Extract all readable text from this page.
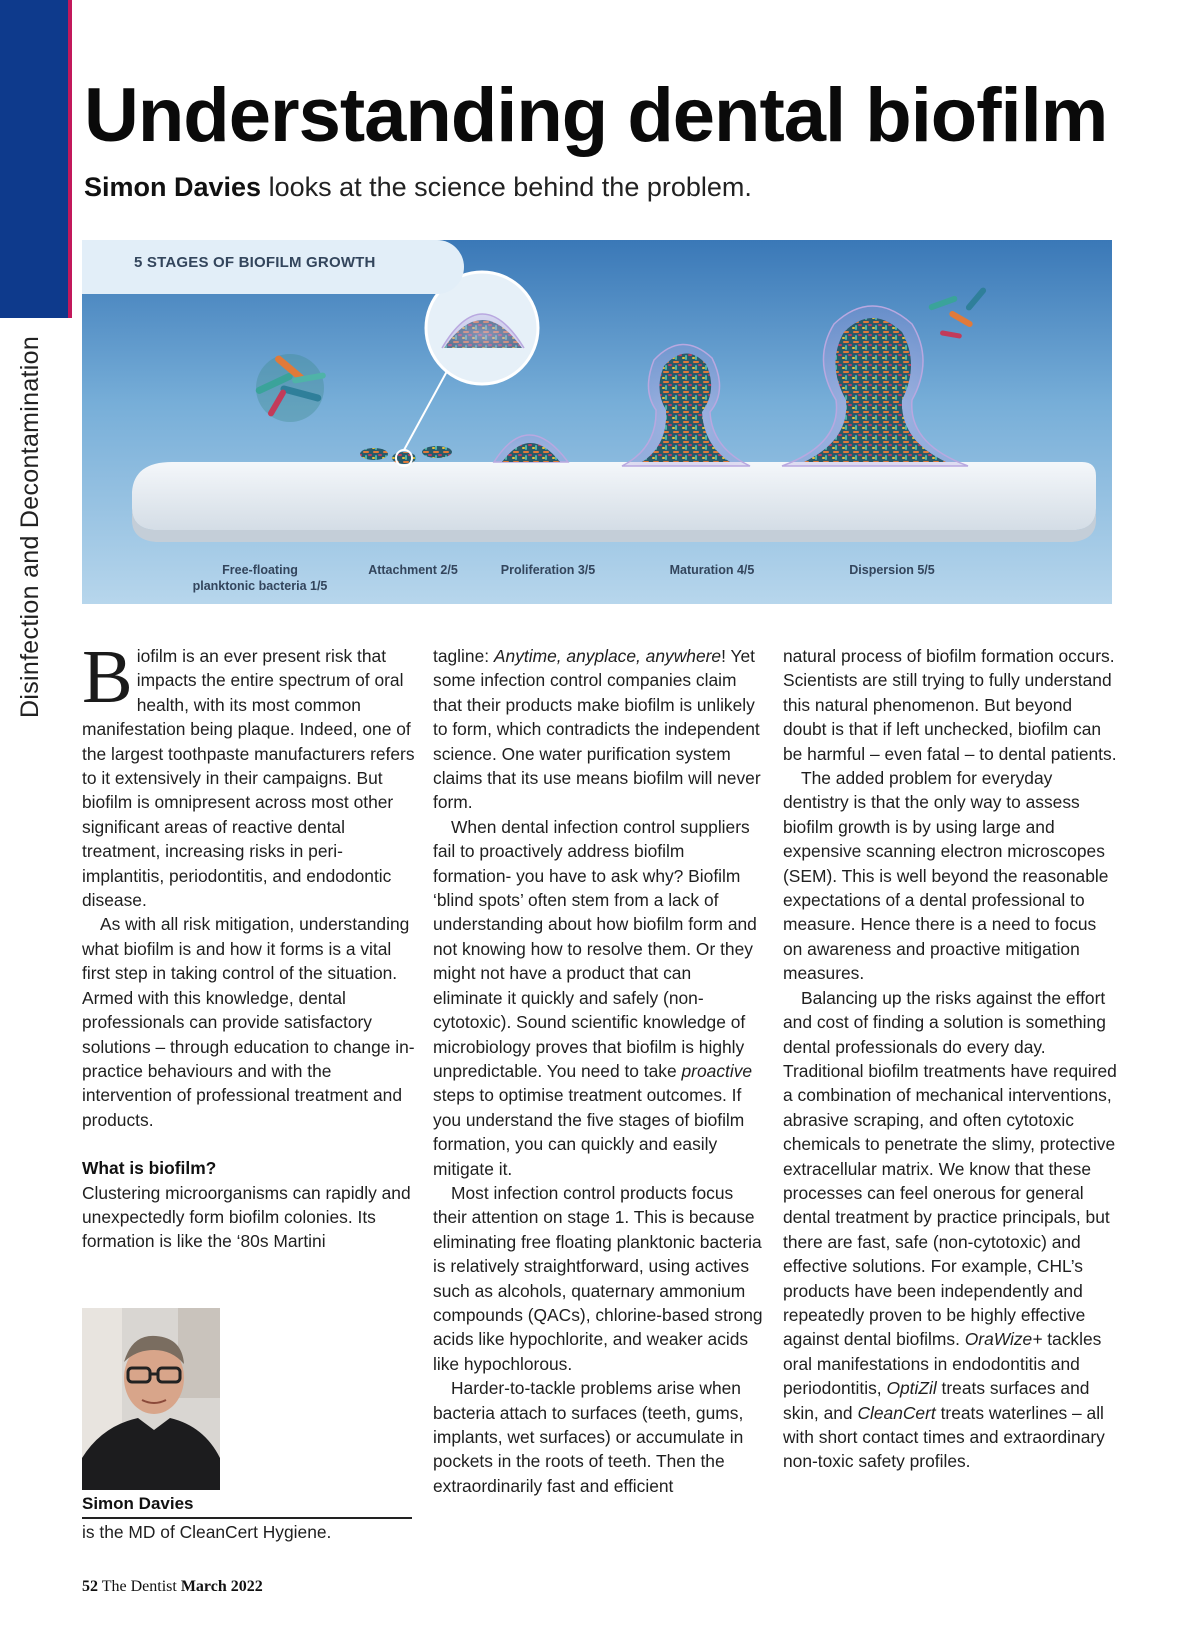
Disinfection and Decontamination
Understanding dental biofilm
Simon Davies looks at the science behind the problem.
5 STAGES OF BIOFILM GROWTH
Free-floating
planktonic bacteria 1/5
Attachment 2/5	Proliferation 3/5	Maturation 4/5	Dispersion 5/5

Biofilm is an ever present risk that impacts the entire spectrum of oral health, with its most common manifestation being plaque. Indeed, one of the largest toothpaste manufacturers refers to it extensively in their campaigns. But biofilm is omnipresent across most other significant areas of reactive dental treatment, increasing risks in peri-implantitis, periodontitis, and endodontic disease.

As with all risk mitigation, understanding what biofilm is and how it forms is a vital first step in taking control of the situation. Armed with this knowledge, dental professionals can provide satisfactory solutions – through education to change in-practice behaviours and with the intervention of professional treatment and products.

What is biofilm?

Clustering microorganisms can rapidly and unexpectedly form biofilm colonies. Its formation is like the ‘80s Martini

tagline: Anytime, anyplace, anywhere! Yet some infection control companies claim that their products make biofilm is unlikely to form, which contradicts the independent science. One water purification system claims that its use means biofilm will never form.

When dental infection control suppliers fail to proactively address biofilm formation- you have to ask why? Biofilm ‘blind spots’ often stem from a lack of understanding about how biofilm form and not knowing how to resolve them. Or they might not have a product that can eliminate it quickly and safely (non-cytotoxic). Sound scientific knowledge of microbiology proves that biofilm is highly unpredictable. You need to take proactive steps to optimise treatment outcomes. If you understand the five stages of biofilm formation, you can quickly and easily mitigate it.

Most infection control products focus their attention on stage 1. This is because eliminating free floating planktonic bacteria is relatively straightforward, using actives such as alcohols, quaternary ammonium compounds (QACs), chlorine-based strong acids like hypochlorite, and weaker acids like hypochlorous.

Harder-to-tackle problems arise when bacteria attach to surfaces (teeth, gums, implants, wet surfaces) or accumulate in pockets in the roots of teeth. Then the extraordinarily fast and efficient

natural process of biofilm formation occurs. Scientists are still trying to fully understand this natural phenomenon. But beyond doubt is that if left unchecked, biofilm can be harmful – even fatal – to dental patients.

The added problem for everyday dentistry is that the only way to assess biofilm growth is by using large and expensive scanning electron microscopes (SEM). This is well beyond the reasonable expectations of a dental professional to measure. Hence there is a need to focus on awareness and proactive mitigation measures.

Balancing up the risks against the effort and cost of finding a solution is something dental professionals do every day. Traditional biofilm treatments have required a combination of mechanical interventions, abrasive scraping, and often cytotoxic chemicals to penetrate the slimy, protective extracellular matrix. We know that these processes can feel onerous for general dental treatment by practice principals, but there are fast, safe (non-cytotoxic) and effective solutions. For example, CHL’s products have been independently and repeatedly proven to be highly effective against dental biofilms. OraWize+ tackles oral manifestations in endodontitis and periodontitis, OptiZil treats surfaces and skin, and CleanCert treats waterlines – all with short contact times and extraordinary non-toxic safety profiles.

Simon Davies
is the MD of CleanCert Hygiene.
52 The Dentist March 2022
